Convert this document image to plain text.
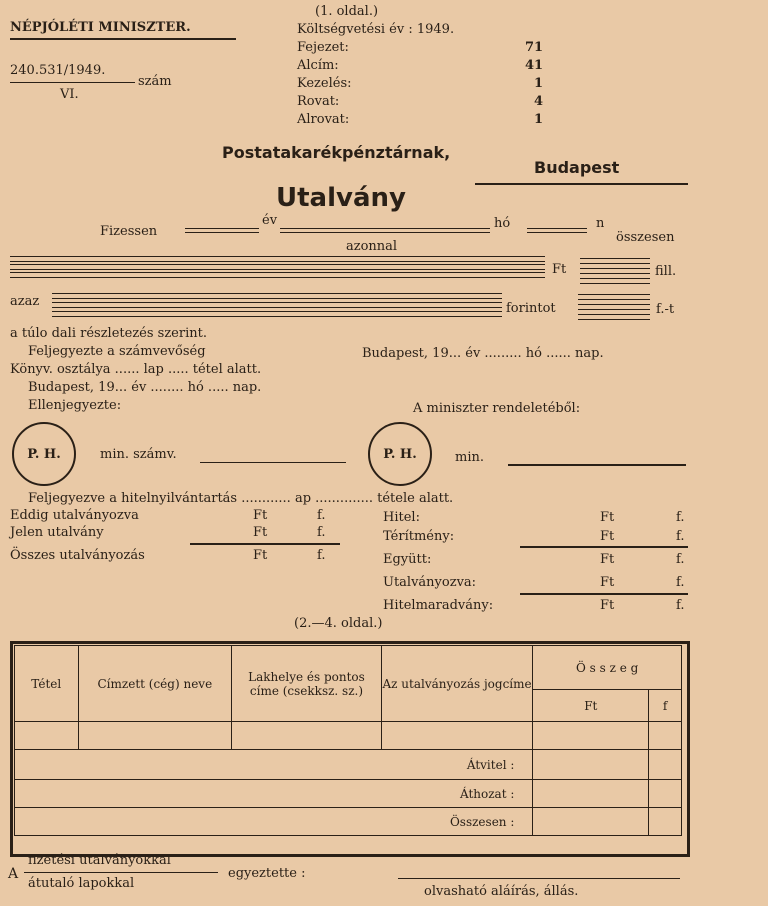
NÉPJÓLÉTI MINISZTER.
240.531/1949.
VI.
szám
(1. oldal.)
Költségvetési év : 1949.
Fejezet:	71
Alcím:	41
Kezelés:	1
Rovat:	4
Alrovat:	1
Postatakarékpénztárnak,
Budapest
Utalvány
Fizessen
év	hó	n
összesen
azonnal
Ft	fill.
azaz	forintot	f.-t
a túlo dali részletezés szerint.
Feljegyezte a számvevőség
Könyv. osztálya ...... lap ..... tétel alatt.
Budapest, 19... év ........ hó ..... nap.
Ellenjegyezte:
P. H.	min. számv.
Budapest, 19... év ......... hó ...... nap.
A miniszter rendeletéből:
P. H.	min.
Feljegyezve a hitelnyilvántartás ............ ap .............. tétele alatt.
Eddig utalványozva	Ft	f.
Jelen utalvány	Ft	f.
Összes utalványozás	Ft	f.
Hitel:	Ft	f.
Térítmény:	Ft	f.
Együtt:	Ft	f.
Utalványozva:	Ft	f.
Hitelmaradvány:	Ft	f.
(2.—4. oldal.)
Tétel	Címzett (cég) neve	Lakhelye és pontos címe (csekksz. sz.)	Az utalványozás jogcíme	Ö s s z e g	
				Ft	f

Átvitel :					
Áthozat :					
Összesen :					
A
fizetési utalványokkal
átutaló lapokkal
egyeztette :
olvasható aláírás, állás.
